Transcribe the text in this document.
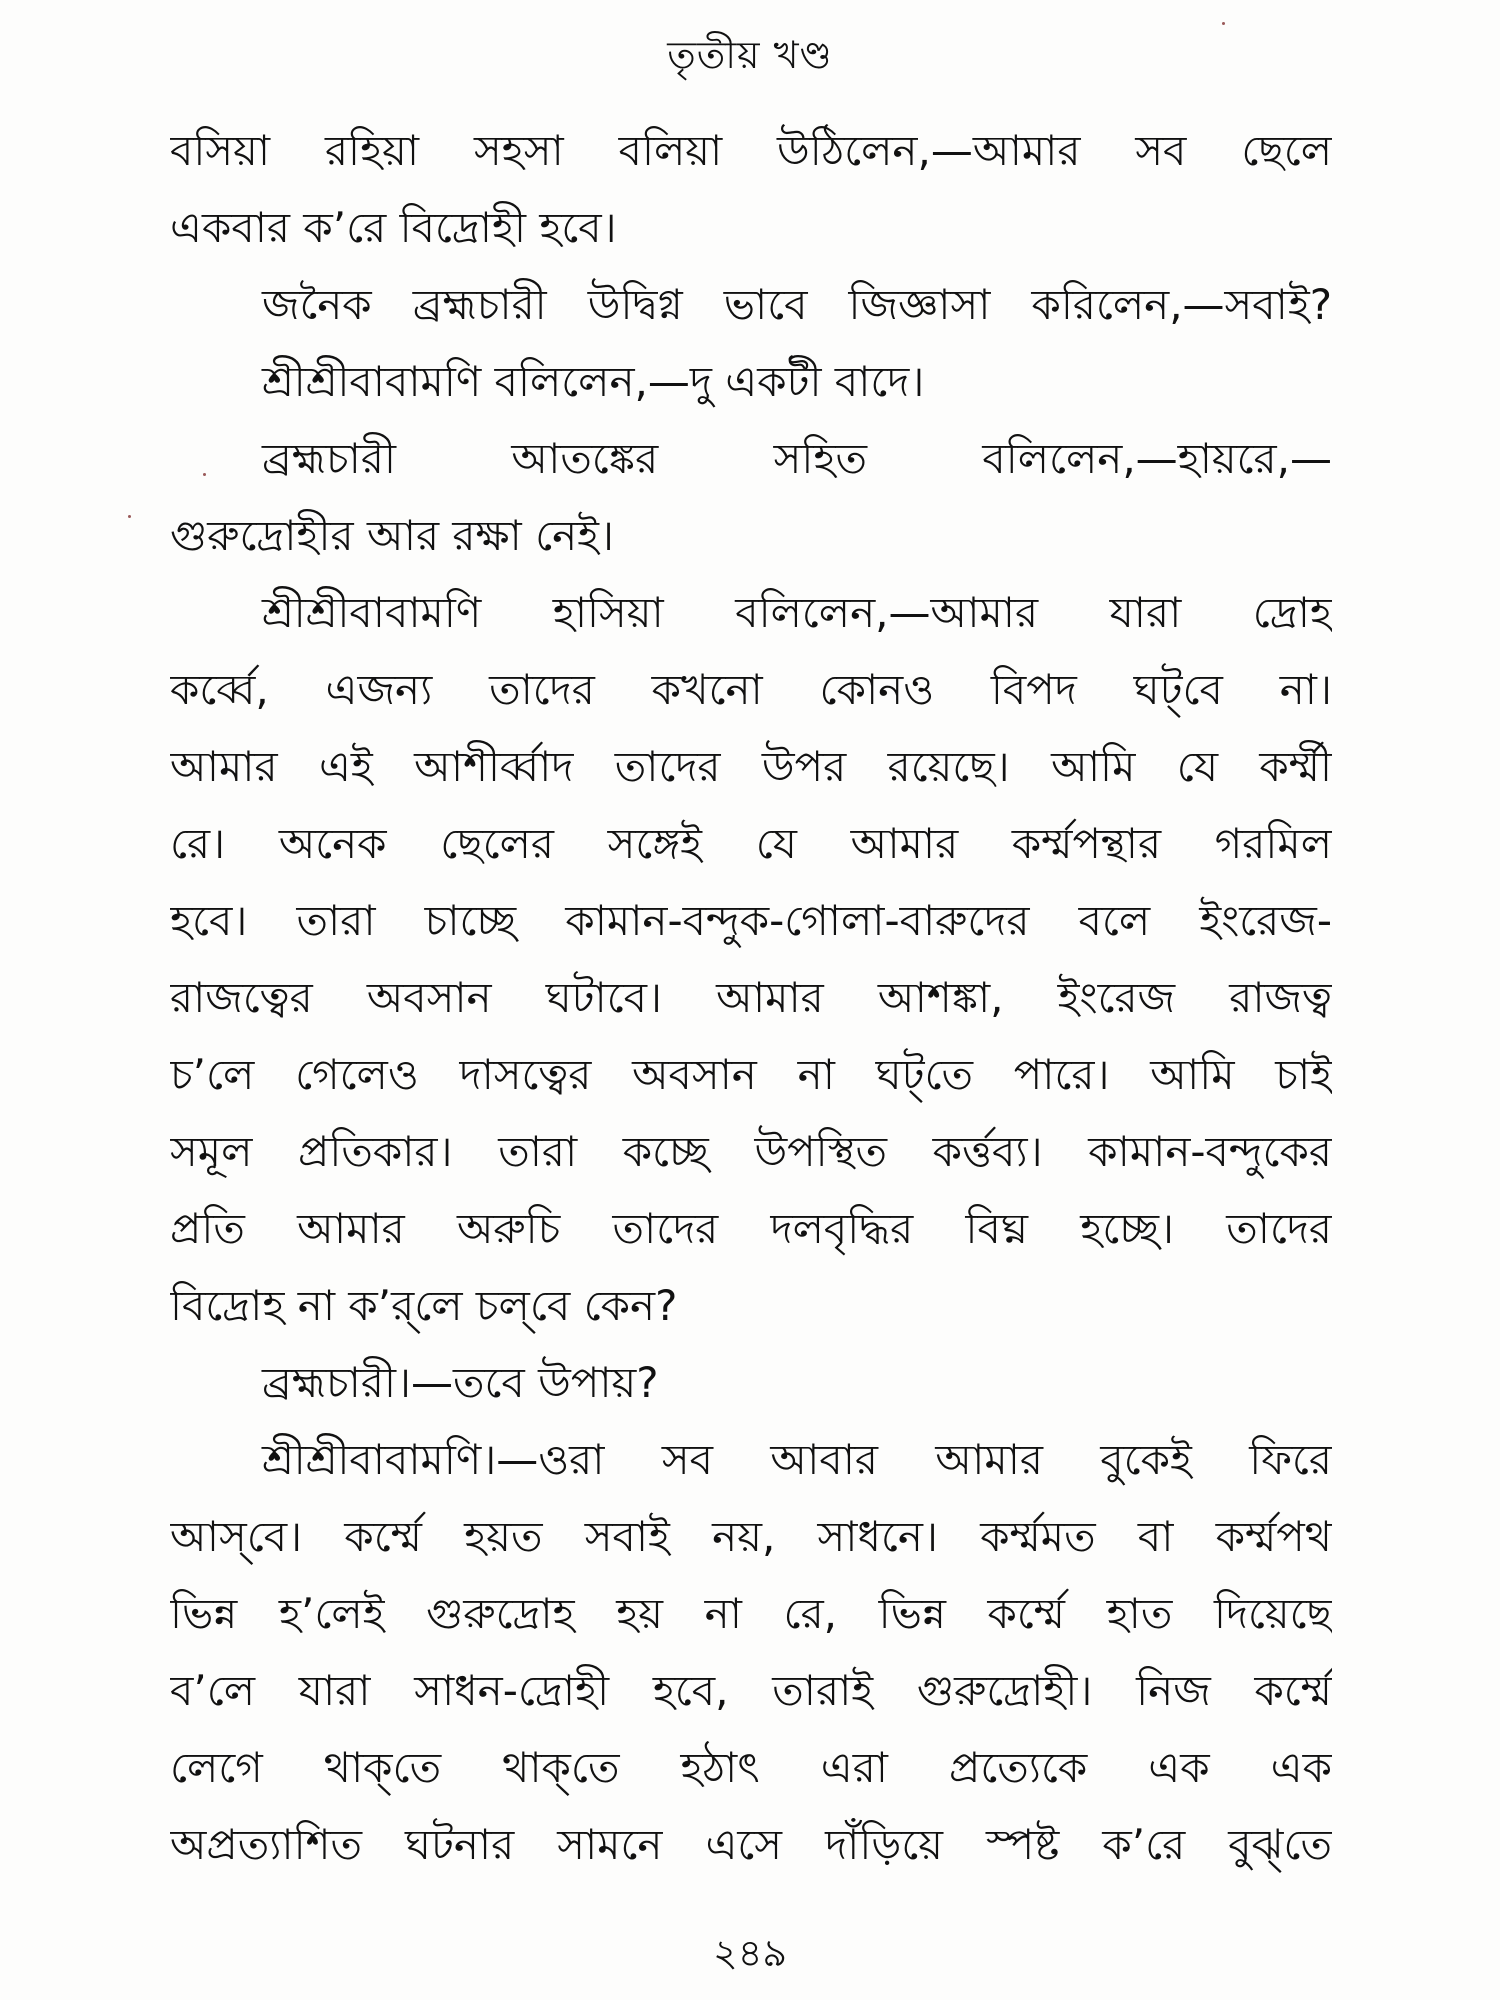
তৃতীয় খণ্ড
বসিয়া রহিয়া সহসা বলিয়া উঠিলেন,—আমার সব ছেলে
একবার ক’রে বিদ্রোহী হবে।
জনৈক ব্রহ্মচারী উদ্বিগ্ন ভাবে জিজ্ঞাসা করিলেন,—সবাই?
শ্রীশ্রীবাবামণি বলিলেন,—দু একটী বাদে।
ব্রহ্মচারী আতঙ্কের সহিত বলিলেন,—হায়রে,—
গুরুদ্রোহীর আর রক্ষা নেই।
শ্রীশ্রীবাবামণি হাসিয়া বলিলেন,—আমার যারা দ্রোহ
কর্ব্বে, এজন্য তাদের কখনো কোনও বিপদ ঘট্‌বে না।
আমার এই আশীর্ব্বাদ তাদের উপর রয়েছে। আমি যে কর্ম্মী
রে। অনেক ছেলের সঙ্গেই যে আমার কর্ম্মপন্থার গরমিল
হবে। তারা চাচ্ছে কামান-বন্দুক-গোলা-বারুদের বলে ইংরেজ-
রাজত্বের অবসান ঘটাবে। আমার আশঙ্কা, ইংরেজ রাজত্ব
চ’লে গেলেও দাসত্বের অবসান না ঘট্‌তে পারে। আমি চাই
সমূল প্রতিকার। তারা কচ্ছে উপস্থিত কর্ত্তব্য। কামান-বন্দুকের
প্রতি আমার অরুচি তাদের দলবৃদ্ধির বিঘ্ন হচ্ছে। তাদের
বিদ্রোহ না ক’র্‌লে চল্‌বে কেন?
ব্রহ্মচারী।—তবে উপায়?
শ্রীশ্রীবাবামণি।—ওরা সব আবার আমার বুকেই ফিরে
আস্‌বে। কর্ম্মে হয়ত সবাই নয়, সাধনে। কর্ম্মমত বা কর্ম্মপথ
ভিন্ন হ’লেই গুরুদ্রোহ হয় না রে, ভিন্ন কর্ম্মে হাত দিয়েছে
ব’লে যারা সাধন-দ্রোহী হবে, তারাই গুরুদ্রোহী। নিজ কর্ম্মে
লেগে থাক্‌তে থাক্‌তে হঠাৎ এরা প্রত্যেকে এক এক
অপ্রত্যাশিত ঘটনার সামনে এসে দাঁড়িয়ে স্পষ্ট ক’রে বুঝ্‌তে
২৪৯
